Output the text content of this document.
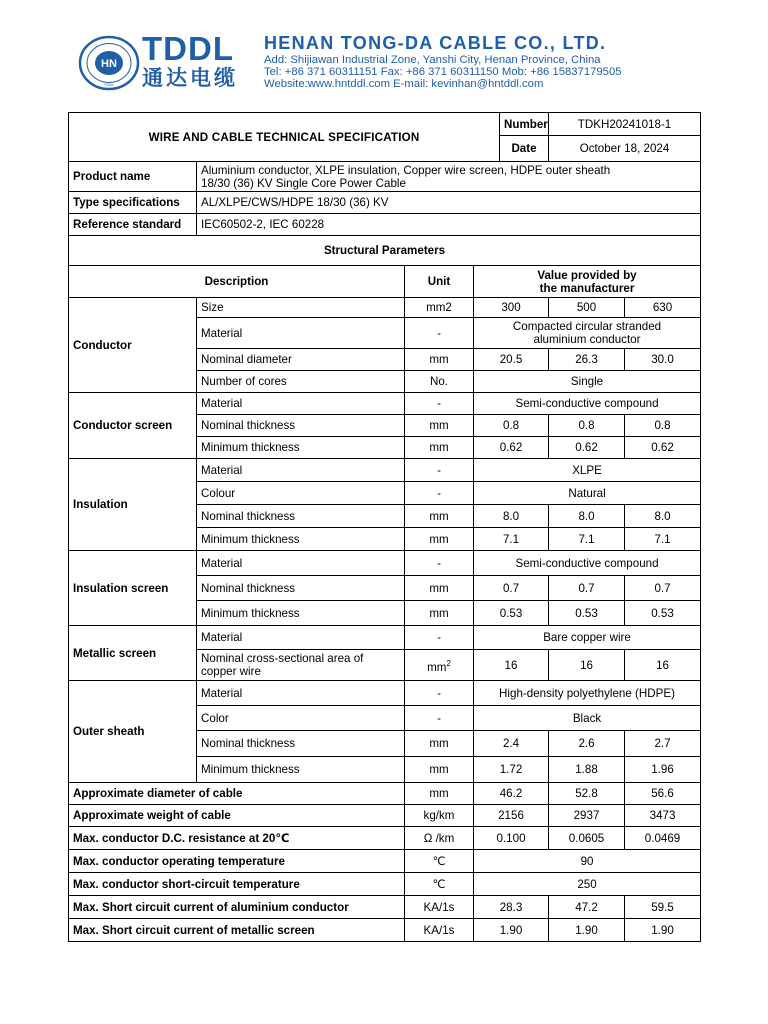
HN
TDDL
TDDL
通达电缆
HENAN TONG-DA CABLE CO., LTD.
Add: Shijiawan Industrial Zone, Yanshi City, Henan Province, China
Tel: +86 371 60311151 Fax: +86 371 60311150 Mob: +86 15837179505
Website:www.hntddl.com E-mail: kevinhan@hntddl.com
WIRE AND CABLE TECHNICAL SPECIFICATION				Number	TDKH20241018-1	
				Date	October 18, 2024	
Product name	Aluminium conductor, XLPE insulation, Copper wire screen, HDPE outer sheath
18/30 (36) KV Single Core Power Cable					
Type specifications	AL/XLPE/CWS/HDPE 18/30 (36) KV					
Reference standard	IEC60502-2, IEC 60228					
Structural Parameters						
Description		Unit	Value provided by
the manufacturer			
Conductor	Size	mm2	300		500	630
	Material	-	Compacted circular stranded
aluminium conductor			
	Nominal diameter	mm	20.5		26.3	30.0
	Number of cores	No.	Single			
Conductor screen	Material	-	Semi-conductive compound			
	Nominal thickness	mm	0.8		0.8	0.8
	Minimum thickness	mm	0.62		0.62	0.62
Insulation	Material	-	XLPE			
	Colour	-	Natural			
	Nominal thickness	mm	8.0		8.0	8.0
	Minimum thickness	mm	7.1		7.1	7.1
Insulation screen	Material	-	Semi-conductive compound			
	Nominal thickness	mm	0.7		0.7	0.7
	Minimum thickness	mm	0.53		0.53	0.53
Metallic screen	Material	-	Bare copper wire			
	Nominal cross-sectional area of
copper wire	$mm^2$	16		16	16
Outer sheath	Material	-	High-density polyethylene (HDPE)			
	Color	-	Black			
	Nominal thickness	mm	2.4		2.6	2.7
	Minimum thickness	mm	1.72		1.88	1.96
Approximate diameter of cable		mm	46.2		52.8	56.6
Approximate weight of cable		kg/km	2156		2937	3473
Max. conductor D.C. resistance at 20℃		Ω /km	0.100		0.0605	0.0469
Max. conductor operating temperature		℃	90			
Max. conductor short-circuit temperature		℃	250			
Max. Short circuit current of aluminium conductor		KA/1s	28.3		47.2	59.5
Max. Short circuit current of metallic screen		KA/1s	1.90		1.90	1.90
